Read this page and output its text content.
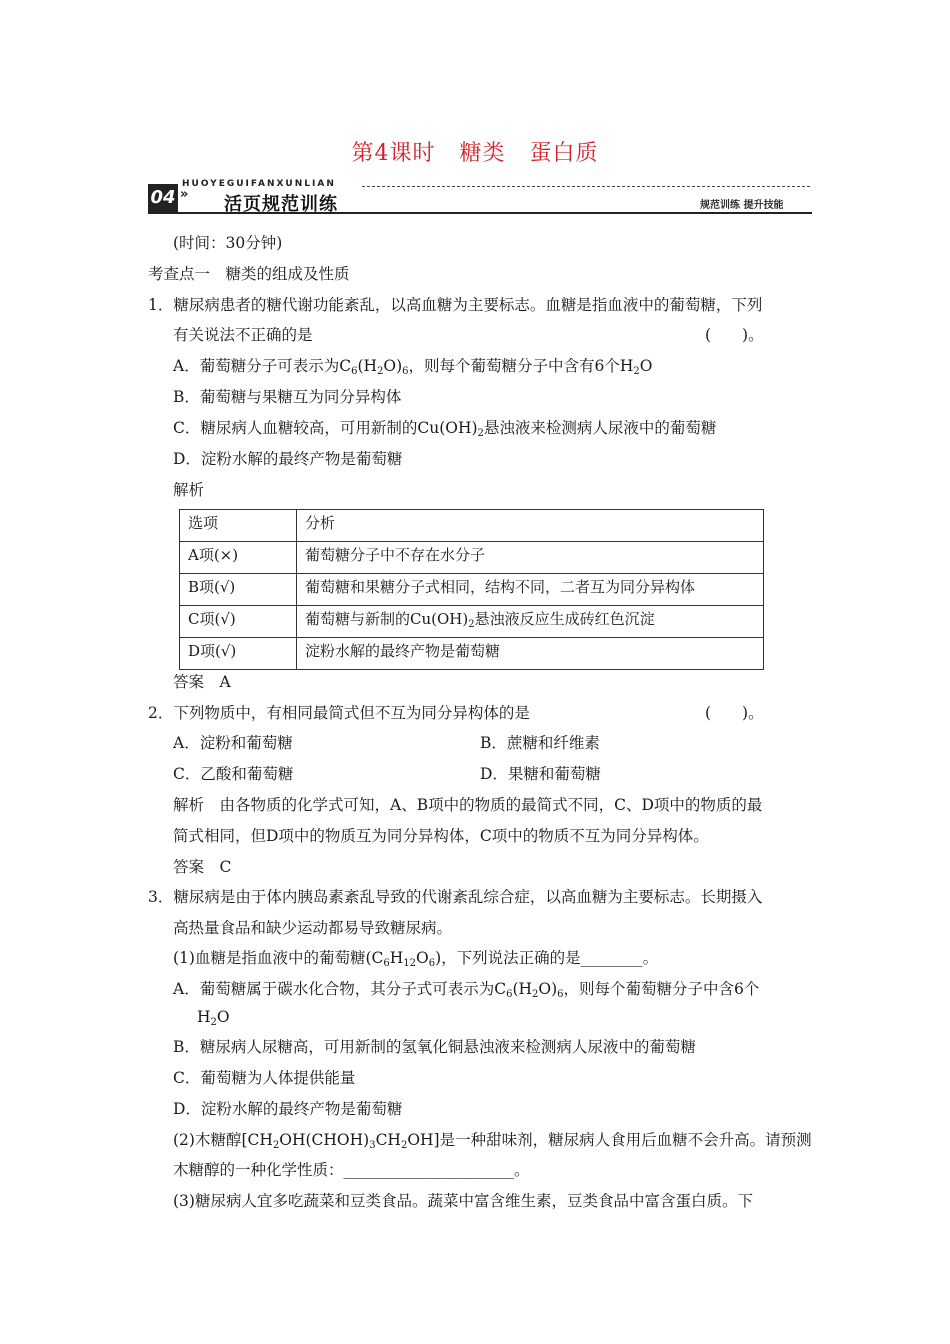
第4课时 糖类 蛋白质
HUOYEGUIFANXUNLIAN
04 » 活页规范训练	规范训练 提升技能
(时间：30分钟)
考查点一　糖类的组成及性质
1．糖尿病患者的糖代谢功能紊乱，以高血糖为主要标志。血糖是指血液中的葡萄糖，下列
有关说法不正确的是	(　　)。
A．葡萄糖分子可表示为C6(H2O)6，则每个葡萄糖分子中含有6个H2O
B．葡萄糖与果糖互为同分异构体
C．糖尿病人血糖较高，可用新制的Cu(OH)2悬浊液来检测病人尿液中的葡萄糖
D．淀粉水解的最终产物是葡萄糖
解析
选项	分析
A项(×)	葡萄糖分子中不存在水分子
B项(√)	葡萄糖和果糖分子式相同，结构不同，二者互为同分异构体
C项(√)	葡萄糖与新制的$Cu(OH)_2$悬浊液反应生成砖红色沉淀
D项(√)	淀粉水解的最终产物是葡萄糖
答案　A
2．下列物质中，有相同最简式但不互为同分异构体的是	(　　)。
A．淀粉和葡萄糖	B．蔗糖和纤维素
C．乙酸和葡萄糖	D．果糖和葡萄糖
解析　由各物质的化学式可知，A、B项中的物质的最简式不同，C、D项中的物质的最
简式相同，但D项中的物质互为同分异构体，C项中的物质不互为同分异构体。
答案　C
3．糖尿病是由于体内胰岛素紊乱导致的代谢紊乱综合症，以高血糖为主要标志。长期摄入
高热量食品和缺少运动都易导致糖尿病。
(1)血糖是指血液中的葡萄糖(C6H12O6)，下列说法正确的是________。
A．葡萄糖属于碳水化合物，其分子式可表示为C6(H2O)6，则每个葡萄糖分子中含6个
H2O
B．糖尿病人尿糖高，可用新制的氢氧化铜悬浊液来检测病人尿液中的葡萄糖
C．葡萄糖为人体提供能量
D．淀粉水解的最终产物是葡萄糖
(2)木糖醇[CH2OH(CHOH)3CH2OH]是一种甜味剂，糖尿病人食用后血糖不会升高。请预测
木糖醇的一种化学性质：______________________。
(3)糖尿病人宜多吃蔬菜和豆类食品。蔬菜中富含维生素，豆类食品中富含蛋白质。下
